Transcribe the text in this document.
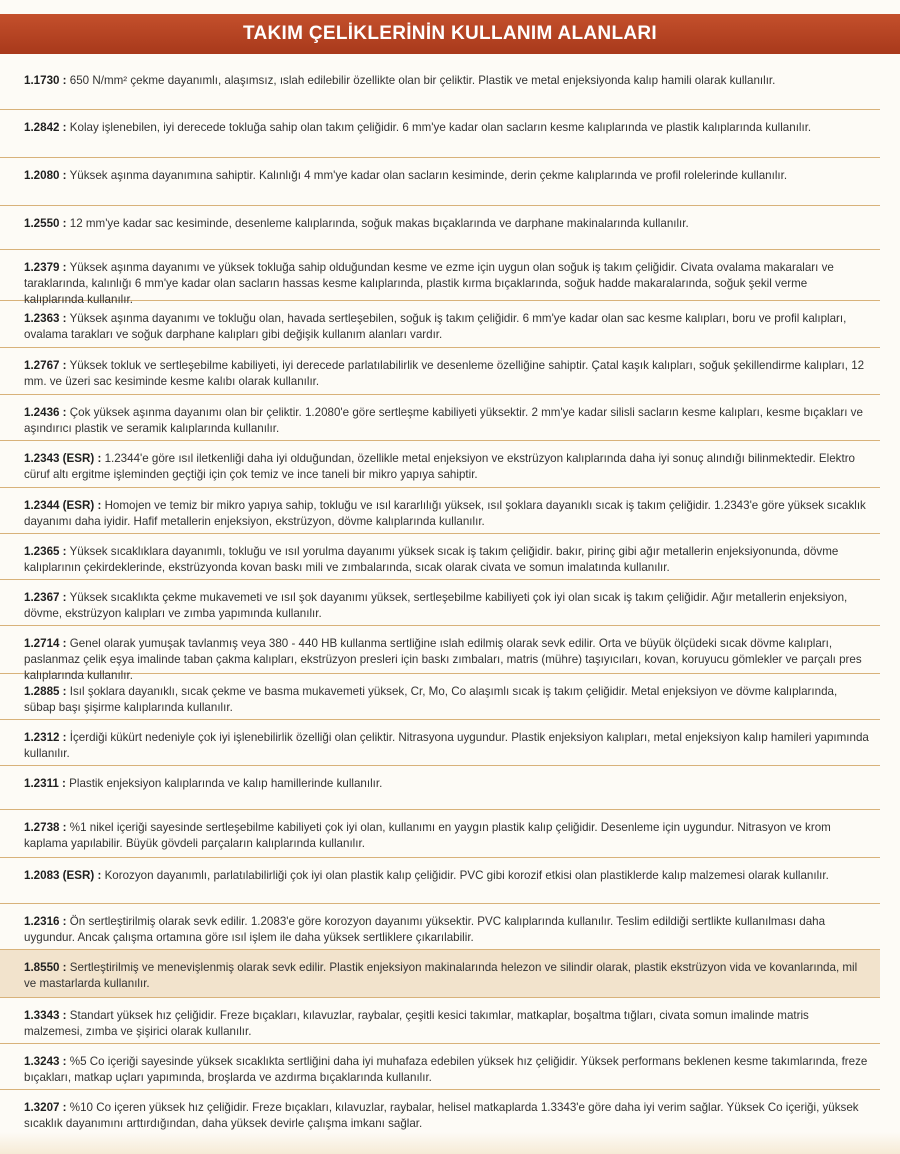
TAKIM ÇELİKLERİNİN KULLANIM ALANLARI
1.1730 : 650 N/mm² çekme dayanımlı, alaşımsız, ıslah edilebilir özellikte olan bir çeliktir. Plastik ve metal enjeksiyonda kalıp hamili olarak kullanılır.
1.2842 : Kolay işlenebilen, iyi derecede tokluğa sahip olan takım çeliğidir. 6 mm'ye kadar olan sacların kesme kalıplarında ve plastik kalıplarında kullanılır.
1.2080 : Yüksek aşınma dayanımına sahiptir. Kalınlığı 4 mm'ye kadar olan sacların kesiminde, derin çekme kalıplarında ve profil rolelerinde kullanılır.
1.2550 : 12 mm'ye kadar sac kesiminde, desenleme kalıplarında, soğuk makas bıçaklarında ve darphane makinalarında kullanılır.
1.2379 : Yüksek aşınma dayanımı ve yüksek tokluğa sahip olduğundan kesme ve ezme için uygun olan soğuk iş takım çeliğidir. Civata ovalama makaraları ve taraklarında, kalınlığı 6 mm'ye kadar olan sacların hassas kesme kalıplarında, plastik kırma bıçaklarında, soğuk hadde makaralarında, soğuk şekil verme kalıplarında kullanılır.
1.2363 : Yüksek aşınma dayanımı ve tokluğu olan, havada sertleşebilen, soğuk iş takım çeliğidir. 6 mm'ye kadar olan sac kesme kalıpları, boru ve profil kalıpları, ovalama tarakları ve soğuk darphane kalıpları gibi değişik kullanım alanları vardır.
1.2767 : Yüksek tokluk ve sertleşebilme kabiliyeti, iyi derecede parlatılabilirlik ve desenleme özelliğine sahiptir. Çatal kaşık kalıpları, soğuk şekillendirme kalıpları, 12 mm. ve üzeri sac kesiminde kesme kalıbı olarak kullanılır.
1.2436 : Çok yüksek aşınma dayanımı olan bir çeliktir. 1.2080'e göre sertleşme kabiliyeti yüksektir. 2 mm'ye kadar silisli sacların kesme kalıpları, kesme bıçakları ve aşındırıcı plastik ve seramik kalıplarında kullanılır.
1.2343 (ESR) : 1.2344'e göre ısıl iletkenliği daha iyi olduğundan, özellikle metal enjeksiyon ve ekstrüzyon kalıplarında daha iyi sonuç alındığı bilinmektedir. Elektro cüruf altı ergitme işleminden geçtiği için çok temiz ve ince taneli bir mikro yapıya sahiptir.
1.2344 (ESR) : Homojen ve temiz bir mikro yapıya sahip, tokluğu ve ısıl kararlılığı yüksek, ısıl şoklara dayanıklı sıcak iş takım çeliğidir. 1.2343'e göre yüksek sıcaklık dayanımı daha iyidir. Hafif metallerin enjeksiyon, ekstrüzyon, dövme kalıplarında kullanılır.
1.2365 : Yüksek sıcaklıklara dayanımlı, tokluğu ve ısıl yorulma dayanımı yüksek sıcak iş takım çeliğidir. bakır, pirinç gibi ağır metallerin enjeksiyonunda, dövme kalıplarının çekirdeklerinde, ekstrüzyonda kovan baskı mili ve zımbalarında, sıcak olarak civata ve somun imalatında kullanılır.
1.2367 : Yüksek sıcaklıkta çekme mukavemeti ve ısıl şok dayanımı yüksek, sertleşebilme kabiliyeti çok iyi olan sıcak iş takım çeliğidir. Ağır metallerin enjeksiyon, dövme, ekstrüzyon kalıpları ve zımba yapımında kullanılır.
1.2714 : Genel olarak yumuşak tavlanmış veya 380 - 440 HB kullanma sertliğine ıslah edilmiş olarak sevk edilir. Orta ve büyük ölçüdeki sıcak dövme kalıpları, paslanmaz çelik eşya imalinde taban çakma kalıpları, ekstrüzyon presleri için baskı zımbaları, matris (mühre) taşıyıcıları, kovan, koruyucu gömlekler ve parçalı pres kalıplarında kullanılır.
1.2885 : Isıl şoklara dayanıklı, sıcak çekme ve basma mukavemeti yüksek, Cr, Mo, Co alaşımlı sıcak iş takım çeliğidir. Metal enjeksiyon ve dövme kalıplarında, sübap başı şişirme kalıplarında kullanılır.
1.2312 : İçerdiği kükürt nedeniyle çok iyi işlenebilirlik özelliği olan çeliktir. Nitrasyona uygundur. Plastik enjeksiyon kalıpları, metal enjeksiyon kalıp hamileri yapımında kullanılır.
1.2311 : Plastik enjeksiyon kalıplarında ve kalıp hamillerinde kullanılır.
1.2738 : %1 nikel içeriği sayesinde sertleşebilme kabiliyeti çok iyi olan, kullanımı en yaygın plastik kalıp çeliğidir. Desenleme için uygundur. Nitrasyon ve krom kaplama yapılabilir. Büyük gövdeli parçaların kalıplarında kullanılır.
1.2083 (ESR) : Korozyon dayanımlı, parlatılabilirliği çok iyi olan plastik kalıp çeliğidir. PVC gibi korozif etkisi olan plastiklerde kalıp malzemesi olarak kullanılır.
1.2316 : Ön sertleştirilmiş olarak sevk edilir. 1.2083'e göre korozyon dayanımı yüksektir. PVC kalıplarında kullanılır. Teslim edildiği sertlikte kullanılması daha uygundur. Ancak çalışma ortamına göre ısıl işlem ile daha yüksek sertliklere çıkarılabilir.
1.8550 : Sertleştirilmiş ve menevişlenmiş olarak sevk edilir. Plastik enjeksiyon makinalarında helezon ve silindir olarak, plastik ekstrüzyon vida ve kovanlarında, mil ve mastarlarda kullanılır.
1.3343 : Standart yüksek hız çeliğidir. Freze bıçakları, kılavuzlar, raybalar, çeşitli kesici takımlar, matkaplar, boşaltma tığları, civata somun imalinde matris malzemesi, zımba ve şişirici olarak kullanılır.
1.3243 : %5 Co içeriği sayesinde yüksek sıcaklıkta sertliğini daha iyi muhafaza edebilen yüksek hız çeliğidir. Yüksek performans beklenen kesme takımlarında, freze bıçakları, matkap uçları yapımında, broşlarda ve azdırma bıçaklarında kullanılır.
1.3207 : %10 Co içeren yüksek hız çeliğidir. Freze bıçakları, kılavuzlar, raybalar, helisel matkaplarda 1.3343'e göre daha iyi verim sağlar. Yüksek Co içeriği, yüksek sıcaklık dayanımını arttırdığından, daha yüksek devirle çalışma imkanı sağlar.
